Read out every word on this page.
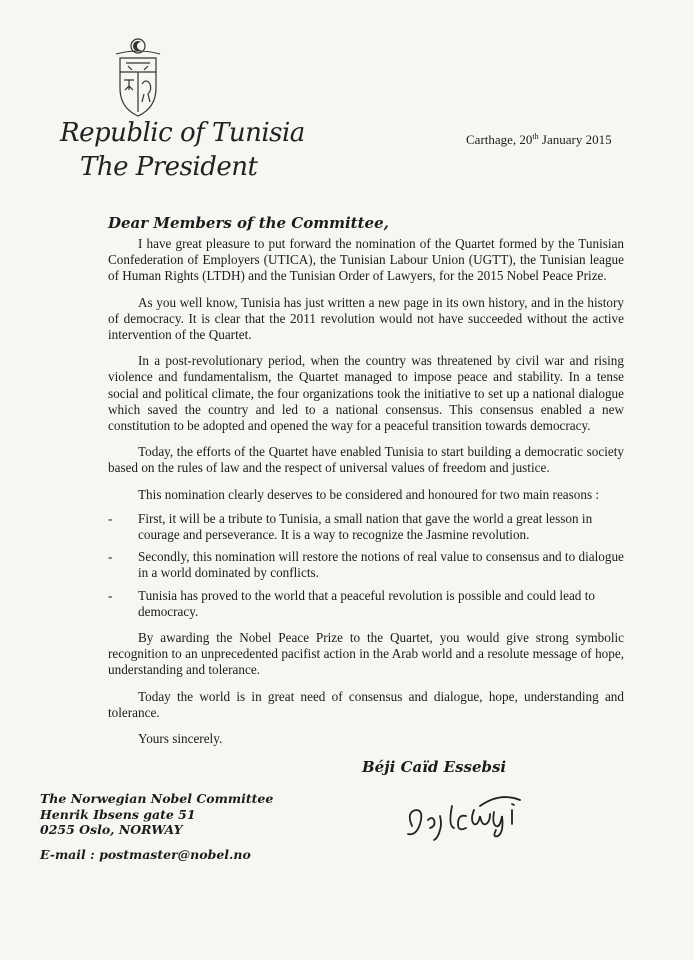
Republic of Tunisia
The President
Carthage, 20th January 2015
Dear Members of the Committee,

I have great pleasure to put forward the nomination of the Quartet formed by the Tunisian Confederation of Employers (UTICA), the Tunisian Labour Union (UGTT), the Tunisian league of Human Rights (LTDH) and the Tunisian Order of Lawyers, for the 2015 Nobel Peace Prize.

As you well know, Tunisia has just written a new page in its own history, and in the history of democracy. It is clear that the 2011 revolution would not have succeeded without the active intervention of the Quartet.

In a post-revolutionary period, when the country was threatened by civil war and rising violence and fundamentalism, the Quartet managed to impose peace and stability. In a tense social and political climate, the four organizations took the initiative to set up a national dialogue which saved the country and led to a national consensus. This consensus enabled a new constitution to be adopted and opened the way for a peaceful transition towards democracy.

Today, the efforts of the Quartet have enabled Tunisia to start building a democratic society based on the rules of law and the respect of universal values of freedom and justice.

This nomination clearly deserves to be considered and honoured for two main reasons :

- First, it will be a tribute to Tunisia, a small nation that gave the world a great lesson in courage and perseverance. It is a way to recognize the Jasmine revolution.
- Secondly, this nomination will restore the notions of real value to consensus and to dialogue in a world dominated by conflicts.
- Tunisia has proved to the world that a peaceful revolution is possible and could lead to democracy.

By awarding the Nobel Peace Prize to the Quartet, you would give strong symbolic recognition to an unprecedented pacifist action in the Arab world and a resolute message of hope, understanding and tolerance.

Today the world is in great need of consensus and dialogue, hope, understanding and tolerance.

Yours sincerely.
Béji Caïd Essebsi
The Norwegian Nobel Committee
Henrik Ibsens gate 51
0255 Oslo, NORWAY
E-mail : postmaster@nobel.no
